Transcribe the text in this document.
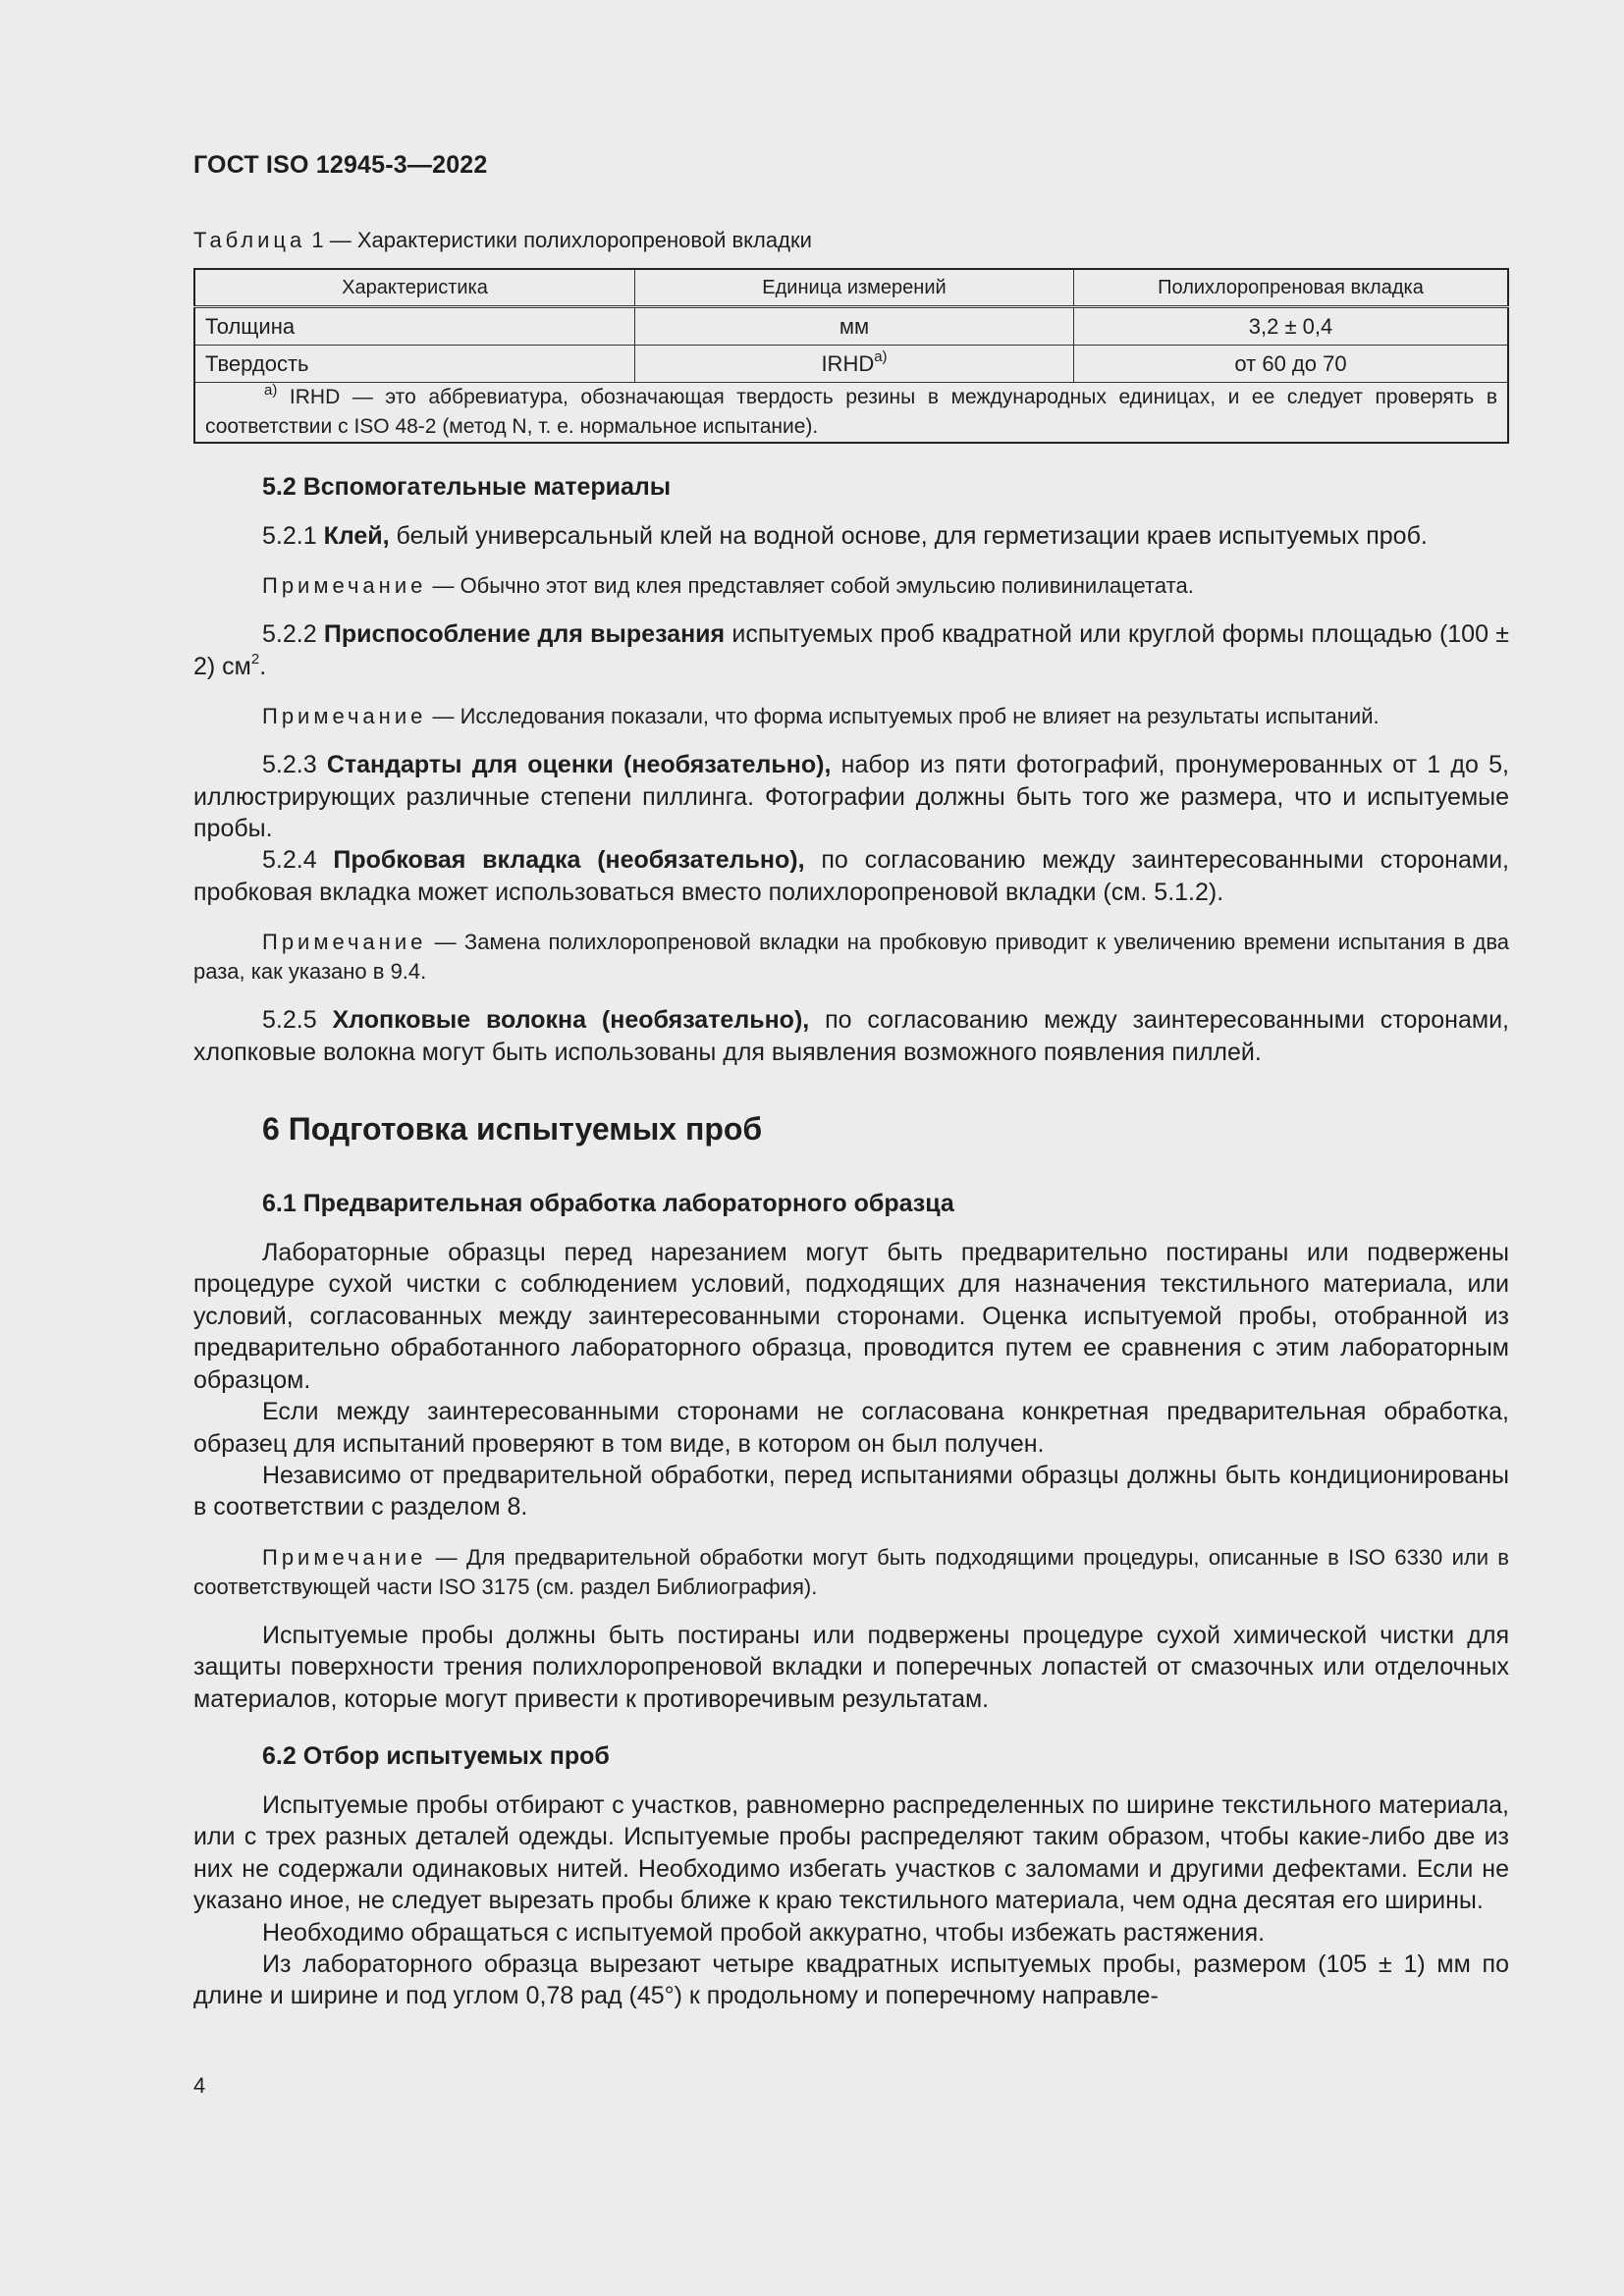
ГОСТ ISO 12945-3—2022
Таблица 1 — Характеристики полихлоропреновой вкладки
Характеристика	Единица измерений	Полихлоропреновая вкладка
Толщина	мм	3,2 ± 0,4
Твердость	IRHD$^{a)}$	от 60 до 70
$^{a)}$ IRHD — это аббревиатура, обозначающая твердость резины в международных единицах, и ее следует проверять в соответствии с ISO 48-2 (метод N, т. е. нормальное испытание).		
5.2 Вспомогательные материалы

5.2.1 Клей, белый универсальный клей на водной основе, для герметизации краев испытуемых проб.

Примечание — Обычно этот вид клея представляет собой эмульсию поливинилацетата.

5.2.2 Приспособление для вырезания испытуемых проб квадратной или круглой формы площадью (100 ± 2) $см^2$.

Примечание — Исследования показали, что форма испытуемых проб не влияет на результаты испытаний.

5.2.3 Стандарты для оценки (необязательно), набор из пяти фотографий, пронумерованных от 1 до 5, иллюстрирующих различные степени пиллинга. Фотографии должны быть того же размера, что и испытуемые пробы.

5.2.4 Пробковая вкладка (необязательно), по согласованию между заинтересованными сторонами, пробковая вкладка может использоваться вместо полихлоропреновой вкладки (см. 5.1.2).

Примечание — Замена полихлоропреновой вкладки на пробковую приводит к увеличению времени испытания в два раза, как указано в 9.4.

5.2.5 Хлопковые волокна (необязательно), по согласованию между заинтересованными сторонами, хлопковые волокна могут быть использованы для выявления возможного появления пиллей.

6 Подготовка испытуемых проб
6.1 Предварительная обработка лабораторного образца

Лабораторные образцы перед нарезанием могут быть предварительно постираны или подвержены процедуре сухой чистки с соблюдением условий, подходящих для назначения текстильного материала, или условий, согласованных между заинтересованными сторонами. Оценка испытуемой пробы, отобранной из предварительно обработанного лабораторного образца, проводится путем ее сравнения с этим лабораторным образцом.

Если между заинтересованными сторонами не согласована конкретная предварительная обработка, образец для испытаний проверяют в том виде, в котором он был получен.

Независимо от предварительной обработки, перед испытаниями образцы должны быть кондиционированы в соответствии с разделом 8.

Примечание — Для предварительной обработки могут быть подходящими процедуры, описанные в ISO 6330 или в соответствующей части ISO 3175 (см. раздел Библиография).

Испытуемые пробы должны быть постираны или подвержены процедуре сухой химической чистки для защиты поверхности трения полихлоропреновой вкладки и поперечных лопастей от смазочных или отделочных материалов, которые могут привести к противоречивым результатам.

6.2 Отбор испытуемых проб

Испытуемые пробы отбирают с участков, равномерно распределенных по ширине текстильного материала, или с трех разных деталей одежды. Испытуемые пробы распределяют таким образом, чтобы какие-либо две из них не содержали одинаковых нитей. Необходимо избегать участков с заломами и другими дефектами. Если не указано иное, не следует вырезать пробы ближе к краю текстильного материала, чем одна десятая его ширины.

Необходимо обращаться с испытуемой пробой аккуратно, чтобы избежать растяжения.

Из лабораторного образца вырезают четыре квадратных испытуемых пробы, размером (105 ± 1) мм по длине и ширине и под углом 0,78 рад (45°) к продольному и поперечному направле-

4
